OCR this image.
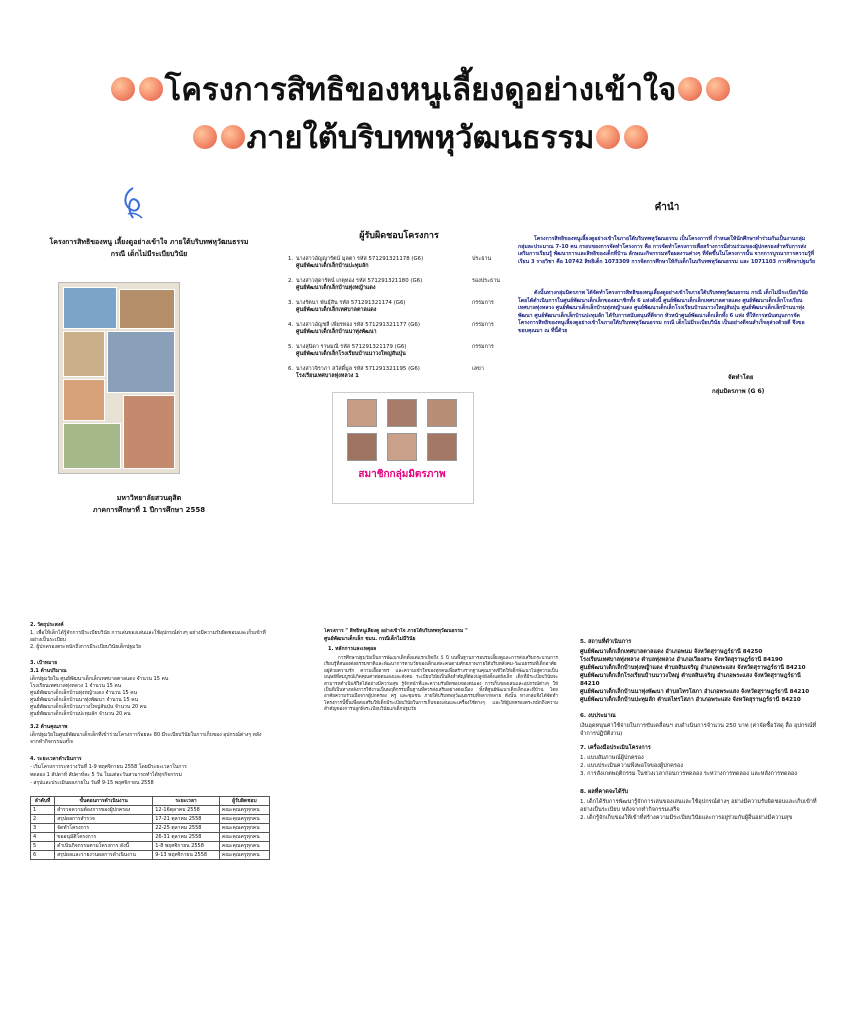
โครงการสิทธิของหนูเลี้ยงดูอย่างเข้าใจ
ภายใต้บริบทพหุวัฒนธรรม
โครงการสิทธิของหนู เลี้ยงดูอย่างเข้าใจ ภายใต้บริบทพหุวัฒนธรรม
กรณี เด็กไม่มีระเบียบวินัย
มหาวิทยาลัยสวนดุสิต
ภาคการศึกษาที่ 1 ปีการศึกษา 2558
ผู้รับผิดชอบโครงการ
1. นางสาวอัญญารัตน์ มุลตา รหัส 571291321178 (G6)	ประธาน
ศูนย์พัฒนาเด็กเล็กบ้านปะทุมลัก
2. นางสาวสุดารัตน์ เกตุทอง รหัส 571291321180 (G6)	รองประธาน
ศูนย์พัฒนาเด็กเล็กบ้านทุ่งหญ้าแดง
3. นางรัตนา พันธุ์สิน รหัส 571291321174 (G6)	กรรมการ
ศูนย์พัฒนาเด็กเล็กเทศบาลตาลแดง
4. นางสาวอัญชลี เพียรทอง รหัส 571291321177 (G6)	กรรมการ
ศูนย์พัฒนาเด็กเล็กบ้านนาทุ่งพัฒนา
5. นางสุนิดา ราษมณี รหัส 571291321179 (G6)	กรรมการ
ศูนย์พัฒนาเด็กเล็กโรงเรียนบ้านนาวงใหญ่สันปุ่น
6. นางสาวจิราภา สวัสดิ์มูล รหัส 571291321195 (G6)	เลขา
โรงเรียนเทศบาลทุ่งหลวง 1
สมาชิกกลุ่มมิตรภาพ
คำนำ
โครงการสิทธิของหนูเลี้ยงดูอย่างเข้าใจภายใต้บริบทพหุวัฒนธรรม เป็นโครงการที่ กำหนดให้นักศึกษาทำร่วมกันเป็นงานกลุ่ม กลุ่มละประมาณ 7-10 คน กรอบของการจัดทำโครงการ คือ การจัดทำโครงการเพื่อสร้างการมีส่วนร่วมของผู้ปกครองสำหรับการส่งเสริมการเรียนรู้ พัฒนาการและสิทธิของเด็กที่บ้าน ลักษณะกิจกรรมหรือผลงานต่างๆ ที่จัดขึ้นในโครงการนั้น จากการบูรณาการความรู้ที่เรียน 3 รายวิชา คือ 10742 สิทธิเด็ก 1073309 การจัดการศึกษาให้กับเด็กในบริบทพหุวัฒนธรรม และ 1071103 การศึกษาปฐมวัย
ดังนั้นทางกลุ่มมิตรภาพ ได้จัดทำโครงการสิทธิของหนูเลี้ยงดูอย่างเข้าใจภายใต้บริบทพหุวัฒนธรรม กรณี เด็กไม่มีระเบียบวินัย โดยได้ดำเนินการในศูนย์พัฒนาเด็กเล็กของสมาชิกทั้ง 6 แห่งดังนี้ ศูนย์พัฒนาเด็กเล็กเทศบาลตาลแดง ศูนย์พัฒนาเด็กเล็กโรงเรียนเทศบาลทุ่งหลวง ศูนย์พัฒนาเด็กเล็กบ้านทุ่งหญ้าแดง ศูนย์พัฒนาเด็กเล็กโรงเรียนบ้านนาวงใหญ่สันปุ่น ศูนย์พัฒนาเด็กเล็กบ้านนาทุ่งพัฒนา ศูนย์พัฒนาเด็กเล็กบ้านปะทุมลัก ได้รับการสนับสนุนที่ดีจาก หัวหน้าศูนย์พัฒนาเด็กเล็กทั้ง 6 แห่ง ที่ให้การสนับสนุนการจัด โครงการสิทธิของหนูเลี้ยงดูอย่างเข้าใจภายใต้บริบทพหุวัฒนธรรม กรณี เด็กไม่มีระเบียบวินัย เป็นอย่างดีจนสำเร็จลุล่วงด้วยดี จึงขอขอบคุณมา ณ ที่นี้ด้วย
จัดทำโดย
กลุ่มมิตรภาพ (G 6)
2. วัตถุประสงค์
1. เพื่อให้เด็กได้รู้จักการมีระเบียบวินัย การเล่นของเล่นและใช้อุปกรณ์ต่างๆ อย่างมีความรับผิดชอบและเก็บเข้าที่อย่างเป็นระเบียบ
2. ผู้ปกครองตระหนักถึงการมีระเบียบวินัยเด็กปฐมวัย
3. เป้าหมาย
3.1 ด้านปริมาณ
เด็กปฐมวัยใน ศูนย์พัฒนาเด็กเล็กเทศบาลตาลแดง จำนวน 15 คน
โรงเรียนเทศบาลทุ่งหลวง 1 จำนวน 15 คน
ศูนย์พัฒนาเด็กเล็กบ้านทุ่งหญ้าแดง จำนวน 15 คน
ศูนย์พัฒนาเด็กเล็กบ้านนาทุ่งพัฒนา จำนวน 15 คน
ศูนย์พัฒนาเด็กเล็กบ้านนาวงใหญ่สันปุ่น จำนวน 20 คน
ศูนย์พัฒนาเด็กเล็กบ้านปะทุมลัก จำนวน 20 คน
3.2 ด้านคุณภาพ
เด็กปฐมวัยในศูนย์พัฒนาเด็กเล็กที่เข้าร่วมโครงการร้อยละ 80 มีระเบียบวินัยในการเก็บของ อุปกรณ์ต่างๆ หลังจากทำกิจกรรมเสร็จ
4. ระยะเวลาดำเนินการ
- เริ่มโครงการระหว่างวันที่ 1-9 พฤศจิกายน 2558 โดยมีระยะเวลาในการ
ทดลอง 1 สัปดาห์ สัปดาห์ละ 5 วัน ในแต่ละวันสามารถทำได้ทุกกิจกรรม
- สรุปและประเมินผลภายใน วันที่ 9-15 พฤศจิกายน 2558
ลำดับที่	ขั้นตอนการดำเนินงาน	ระยะเวลา	ผู้รับผิดชอบ
1	สำรวจความต้องการของผู้ปกครอง	12-16ตุลาคม 2558	คณะคุณครูทุกคน
2	สรุปผลการสำรวจ	17-21 ตุลาคม 2558	คณะคุณครูทุกคน
3	จัดทำโครงการ	22-25 ตุลาคม 2558	คณะคุณครูทุกคน
4	ขออนุมัติโครงการ	26-31 ตุลาคม 2558	คณะคุณครูทุกคน
5	ดำเนินกิจกรรมตามโครงการ ดังนี้	1-8 พฤศจิกายน 2558	คณะคุณครูทุกคน
6	สรุปผลและรายงานผลการดำเนินงาน	9-13 พฤศจิกายน 2558	คณะคุณครูทุกคน
โครงการ " สิทธิหนูเลี้ยงดู อย่างเข้าใจ ภายใต้บริบทพหุวัฒนธรรม "
ศูนย์พัฒนาเด็กเล็ก ชมน. กรณีเด็กไม่มีวินัย
1. หลักการและเหตุผล
การศึกษาปฐมวัยเป็นการพัฒนาเด็กตั้งแต่แรกเกิดถึง 5 ปี บนพื้นฐานการอบรมเลี้ยงดูและการส่งเสริมกระบวนการเรียนรู้ที่สนองต่อธรรมชาติและพัฒนาการตามวัยของเด็กแต่ละคนตามศักยภาพภายใต้บริบทสังคม-วัฒนธรรมที่เด็กอาศัยอยู่ด้วยความรัก ความเอื้ออาทร และความเข้าใจของทุกคนเพื่อสร้างรากฐานคุณภาพชีวิตให้เด็กพัฒนาไปสู่ความเป็นมนุษย์ที่สมบูรณ์เกิดคุณค่าต่อตนเองและสังคม ระเบียบวินัยเป็นสิ่งสำคัญที่ต้องปลูกฝังตั้งแต่ยังเล็ก เด็กที่มีระเบียบวินัยจะสามารถดำเนินชีวิตได้อย่างมีความสุข รู้จักหน้าที่และความรับผิดชอบของตนเอง การเก็บของเล่นและอุปกรณ์ต่างๆ ให้เป็นที่เป็นทางหลังการใช้งานเป็นพฤติกรรมพื้นฐานที่ควรส่งเสริมอย่างต่อเนื่อง ทั้งที่ศูนย์พัฒนาเด็กเล็กและที่บ้าน โดยอาศัยความร่วมมือจากผู้ปกครอง ครู และชุมชน ภายใต้บริบทพหุวัฒนธรรมที่หลากหลาย ดังนั้น ทางกลุ่มจึงได้จัดทำโครงการนี้ขึ้นเพื่อส่งเสริมให้เด็กมีระเบียบวินัยในการเก็บของเล่นและเครื่องใช้ต่างๆ และให้ผู้ปกครองตระหนักถึงความสำคัญของการปลูกฝังระเบียบวินัยแก่เด็กปฐมวัย
5. สถานที่ดำเนินการ
ศูนย์พัฒนาเด็กเล็กเทศบาลตาลแดง อำเภอพนม จังหวัดสุราษฎร์ธานี 84250
โรงเรียนเทศบาลทุ่งหลวง ตำบลทุ่งหลวง อำเภอเวียงสระ จังหวัดสุราษฎร์ธานี 84190
ศูนย์พัฒนาเด็กเล็กบ้านทุ่งหญ้าแดง ตำบลสินเจริญ อำเภอพระแสง จังหวัดสุราษฎร์ธานี 84210
ศูนย์พัฒนาเด็กเล็กโรงเรียนบ้านนาวงใหญ่ ตำบลสินเจริญ อำเภอพระแสง จังหวัดสุราษฎร์ธานี 84210
ศูนย์พัฒนาเด็กเล็กบ้านนาทุ่งพัฒนา ตำบลไทรโสภา อำเภอพระแสง จังหวัดสุราษฎร์ธานี 84210
ศูนย์พัฒนาเด็กเล็กบ้านปะทุมลัก ตำบลไทรโสภา อำเภอพระแสง จังหวัดสุราษฎร์ธานี 84210
6. งบประมาณ
เงินอุดหนุนค่าใช้จ่ายในการขับเคลื่อนฯ งบดำเนินการจำนวน 250 บาท (ค่าจัดซื้อวัสดุ สื่อ อุปกรณ์ที่จำการปฏิบัติงาน)
7. เครื่องมือประเมินโครงการ
1. แบบสัมภาษณ์ผู้ปกครอง
2. แบบประเมินความพึงพอใจของผู้ปกครอง
3. การสังเกตพฤติกรรม ในช่วงเวลาก่อนการทดลอง ระหว่างการทดลอง และหลังการทดลอง
8. ผลที่คาดจะได้รับ
1. เด็กได้รับการพัฒนารู้จักการเล่นของเล่นและใช้อุปกรณ์ต่างๆ อย่างมีความรับผิดชอบและเก็บเข้าที่อย่างเป็นระเบียบ หลังจากทำกิจกรรมเสร็จ
2. เด็กรู้จักเก็บของให้เข้าที่สร้างความมีระเบียบวินัยและการอยู่ร่วมกับผู้อื่นอย่างมีความสุข
